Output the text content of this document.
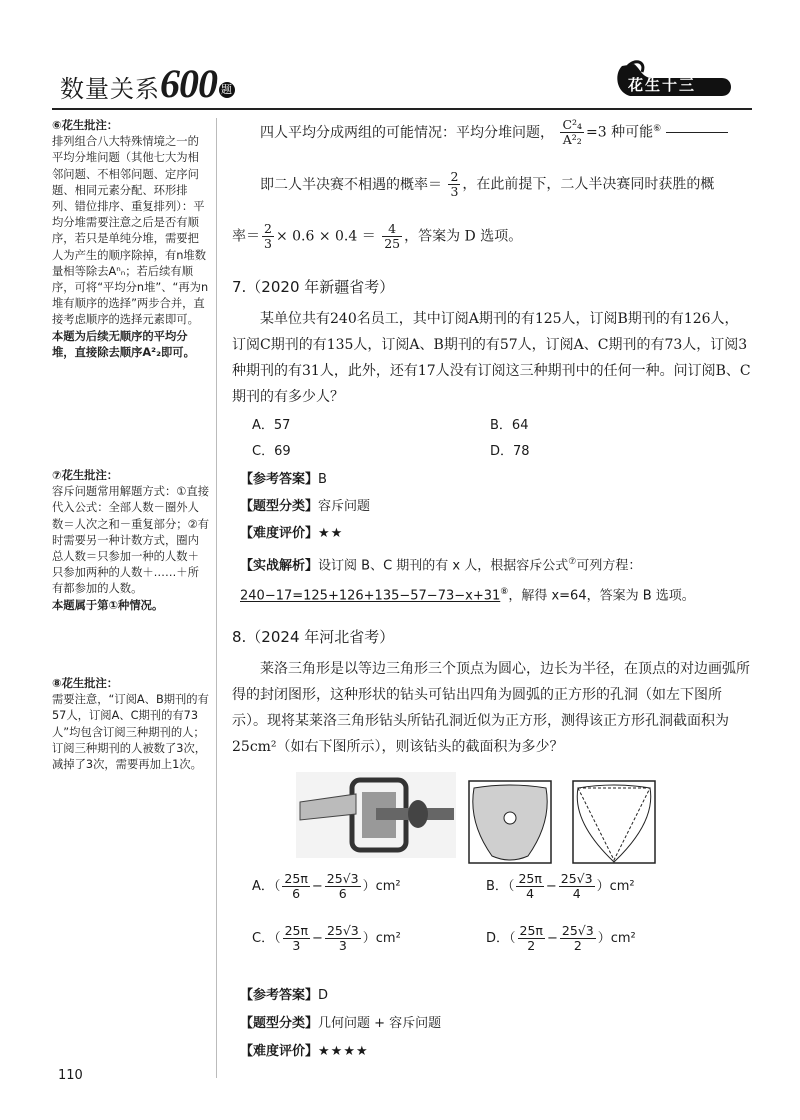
数量关系600 题	花生十三
⑥花生批注：
排列组合八大特殊情境之一的平均分堆问题（其他七大为相邻问题、不相邻问题、定序问题、相同元素分配、环形排列、错位排序、重复排列）：平均分堆需要注意之后是否有顺序，若只是单纯分堆，需要把人为产生的顺序除掉，有n堆数量相等除去Aⁿₙ；若后续有顺序，可将“平均分n堆”、“再为n堆有顺序的选择”两步合并，直接考虑顺序的选择元素即可。
本题为后续无顺序的平均分堆，直接除去顺序A²₂即可。
⑦花生批注：
容斥问题常用解题方式：①直接代入公式：全部人数－圈外人数＝人次之和－重复部分；②有时需要另一种计数方式，圈内总人数＝只参加一种的人数＋只参加两种的人数＋……＋所有都参加的人数。
本题属于第①种情况。
⑧花生批注：
需要注意，“订阅A、B期刊的有57人，订阅A、C期刊的有73人”均包含订阅三种期刊的人；订阅三种期刊的人被数了3次，减掉了3次，需要再加上1次。
四人平均分成两组的可能情况：平均分堆问题， $\frac{\text{C²₄}}{\text{A²₂}} =3$ 种可能⑥
即二人半决赛不相遇的概率＝ $\frac{2}{3}$ ，在此前提下，二人半决赛同时获胜的概
率＝ $\frac{2}{3} \times 0.6 \times 0.4 = \frac{4}{25}$ ，答案为 D 选项。
7.（2020 年新疆省考）
某单位共有240名员工，其中订阅A期刊的有125人，订阅B期刊的有126人，订阅C期刊的有135人，订阅A、B期刊的有57人，订阅A、C期刊的有73人，订阅3种期刊的有31人，此外，还有17人没有订阅这三种期刊中的任何一种。问订阅B、C期刊的有多少人？
A．57	B．64
C．69	D．78
【参考答案】B
【题型分类】容斥问题
【难度评价】★★
【实战解析】设订阅 B、C 期刊的有 x 人，根据容斥公式⑦可列方程：240−17=125+126+135−57−73−x+31⑧，解得 x=64，答案为 B 选项。
8.（2024 年河北省考）
莱洛三角形是以等边三角形三个顶点为圆心，边长为半径，在顶点的对边画弧所得的封闭图形，这种形状的钻头可钻出四角为圆弧的正方形的孔洞（如左下图所示）。现将某莱洛三角形钻头所钻孔洞近似为正方形，测得该正方形孔洞截面积为 25cm²（如右下图所示），则该钻头的截面积为多少？
A．（ $\frac{25\pi}{6} - \frac{25√3}{6} )cm^2$	B．（ $\frac{25\pi}{4} - \frac{25√3}{4} )cm^2$
C．（ $\frac{25\pi}{3} - \frac{25√3}{3} )cm^2$	D．（ $\frac{25\pi}{2} - \frac{25√3}{2} )cm^2$
【参考答案】D
【题型分类】几何问题 + 容斥问题
【难度评价】★★★★
110
